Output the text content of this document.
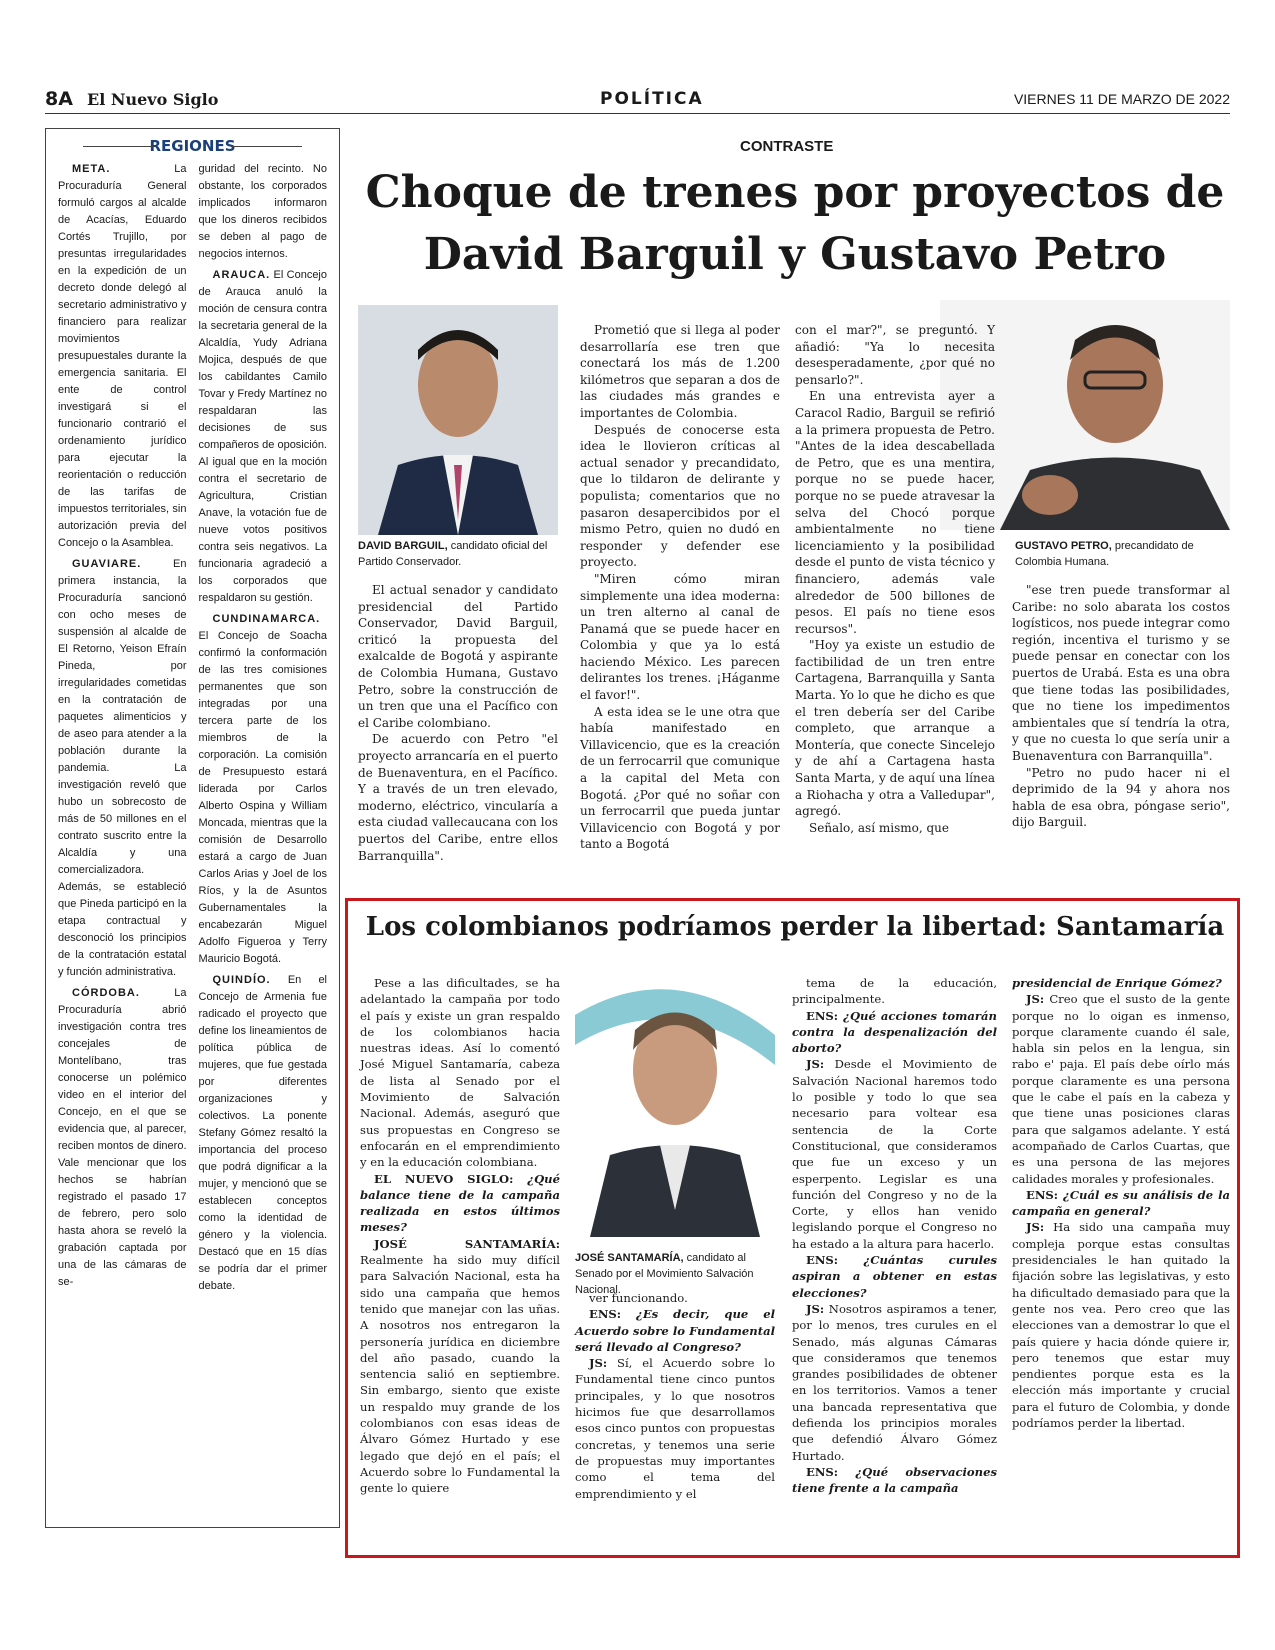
8A El Nuevo Siglo	POLÍTICA	VIERNES 11 DE MARZO DE 2022
REGIONES

META.	La Procuraduría General formuló cargos al alcalde de Acacías, Eduardo Cortés Trujillo, por presuntas irregularidades en la expedición de un decreto donde delegó al secretario administrativo y financiero para realizar movimientos presupuestales durante la emergencia sanitaria. El ente de control investigará si el funcionario contrarió el ordenamiento jurídico para ejecutar la reorientación o reducción de las tarifas de impuestos territoriales, sin autorización previa del Concejo o la Asamblea.

GUAVIARE.	En primera instancia, la Procuraduría sancionó con ocho meses de suspensión al alcalde de El Retorno, Yeison Efraín Pineda, por irregularidades cometidas en la contratación de paquetes alimenticios y de aseo para atender a la población durante la pandemia. La investigación reveló que hubo un sobrecosto de más de 50 millones en el contrato suscrito entre la Alcaldía y una comercializadora. Además, se estableció que Pineda participó en la etapa contractual y desconoció los principios de la contratación estatal y función administrativa.

CÓRDOBA.	La Procuraduría abrió investigación contra tres concejales de Montelíbano, tras conocerse un polémico video en el interior del Concejo, en el que se evidencia que, al parecer, reciben montos de dinero. Vale mencionar que los hechos se habrían registrado el pasado 17 de febrero, pero solo hasta ahora se reveló la grabación captada por una de las cámaras de se-

guridad del recinto. No obstante, los corporados implicados informaron que los dineros recibidos se deben al pago de negocios internos.

ARAUCA. El Concejo de Arauca anuló la moción de censura contra la secretaria general de la Alcaldía, Yudy Adriana Mojica, después de que los cabildantes Camilo Tovar y Fredy Martínez no respaldaran las decisiones de sus compañeros de oposición. Al igual que en la moción contra el secretario de Agricultura, Cristian Anave, la votación fue de nueve votos positivos contra seis negativos. La funcionaria agradeció a los corporados que respaldaron su gestión.

CUNDINAMARCA. El Concejo de Soacha confirmó la conformación de las tres comisiones permanentes que son integradas por una tercera parte de los miembros de la corporación. La comisión de Presupuesto estará liderada por Carlos Alberto Ospina y William Moncada, mientras que la comisión de Desarrollo estará a cargo de Juan Carlos Arias y Joel de los Ríos, y la de Asuntos Gubernamentales la encabezarán Miguel Adolfo Figueroa y Terry Mauricio Bogotá.

QUINDÍO. En el Concejo de Armenia fue radicado el proyecto que define los lineamientos de política pública de mujeres, que fue gestada por diferentes organizaciones y colectivos. La ponente Stefany Gómez resaltó la importancia del proceso que podrá dignificar a la mujer, y mencionó que se establecen conceptos como la identidad de género y la violencia. Destacó que en 15 días se podría dar el primer debate.

CONTRASTE
Choque de trenes por proyectos de David Barguil y Gustavo Petro
DAVID BARGUIL, candidato oficial del Partido Conservador.
GUSTAVO PETRO, precandidato de Colombia Humana.

El actual senador y candidato presidencial del Partido Conservador, David Barguil, criticó la propuesta del exalcalde de Bogotá y aspirante de Colombia Humana, Gustavo Petro, sobre la construcción de un tren que una el Pacífico con el Caribe colombiano.

De acuerdo con Petro "el proyecto arrancaría en el puerto de Buenaventura, en el Pacífico. Y a través de un tren elevado, moderno, eléctrico, vincularía a esta ciudad vallecaucana con los puertos del Caribe, entre ellos Barranquilla".

Prometió que si llega al poder desarrollaría ese tren que conectará los más de 1.200 kilómetros que separan a dos de las ciudades más grandes e importantes de Colombia.

Después de conocerse esta idea le llovieron críticas al actual senador y precandidato, que lo tildaron de delirante y populista; comentarios que no pasaron desapercibidos por el mismo Petro, quien no dudó en responder y defender ese proyecto.

"Miren cómo miran simplemente una idea moderna: un tren alterno al canal de Panamá que se puede hacer en Colombia y que ya lo está haciendo México. Les parecen delirantes los trenes. ¡Háganme el favor!".

A esta idea se le une otra que había manifestado en Villavicencio, que es la creación de un ferrocarril que comunique a la capital del Meta con Bogotá. ¿Por qué no soñar con un ferrocarril que pueda juntar Villavicencio con Bogotá y por tanto a Bogotá

con el mar?", se preguntó. Y añadió: "Ya lo necesita desesperadamente, ¿por qué no pensarlo?".

En una entrevista ayer a Caracol Radio, Barguil se refirió a la primera propuesta de Petro. "Antes de la idea descabellada de Petro, que es una mentira, porque no se puede hacer, porque no se puede atravesar la selva del Chocó porque ambientalmente no tiene licenciamiento y la posibilidad desde el punto de vista técnico y financiero, además vale alrededor de 500 billones de pesos. El país no tiene esos recursos".

"Hoy ya existe un estudio de factibilidad de un tren entre Cartagena, Barranquilla y Santa Marta. Yo lo que he dicho es que el tren debería ser del Caribe completo, que arranque a Montería, que conecte Sincelejo y de ahí a Cartagena hasta Santa Marta, y de aquí una línea a Riohacha y otra a Valledupar", agregó.

Señalo, así mismo, que

"ese tren puede transformar al Caribe: no solo abarata los costos logísticos, nos puede integrar como región, incentiva el turismo y se puede pensar en conectar con los puertos de Urabá. Esta es una obra que tiene todas las posibilidades, que no tiene los impedimentos ambientales que sí tendría la otra, y que no cuesta lo que sería unir a Buenaventura con Barranquilla".

"Petro no pudo hacer ni el deprimido de la 94 y ahora nos habla de esa obra, póngase serio", dijo Barguil.

Los colombianos podríamos perder la libertad: Santamaría
JOSÉ SANTAMARÍA, candidato al Senado por el Movimiento Salvación Nacional.

Pese a las dificultades, se ha adelantado la campaña por todo el país y existe un gran respaldo de los colombianos hacia nuestras ideas. Así lo comentó José Miguel Santamaría, cabeza de lista al Senado por el Movimiento de Salvación Nacional. Además, aseguró que sus propuestas en Congreso se enfocarán en el emprendimiento y en la educación colombiana.

EL NUEVO SIGLO: ¿Qué balance tiene de la campaña realizada en estos últimos meses?

JOSÉ SANTAMARÍA: Realmente ha sido muy difícil para Salvación Nacional, esta ha sido una campaña que hemos tenido que manejar con las uñas. A nosotros nos entregaron la personería jurídica en diciembre del año pasado, cuando la sentencia salió en septiembre. Sin embargo, siento que existe un respaldo muy grande de los colombianos con esas ideas de Álvaro Gómez Hurtado y ese legado que dejó en el país; el Acuerdo sobre lo Fundamental la gente lo quiere

ver funcionando.

ENS: ¿Es decir, que el Acuerdo sobre lo Fundamental será llevado al Congreso?

JS: Sí, el Acuerdo sobre lo Fundamental tiene cinco puntos principales, y lo que nosotros hicimos fue que desarrollamos esos cinco puntos con propuestas concretas, y tenemos una serie de propuestas muy importantes como el tema del emprendimiento y el

tema de la educación, principalmente.

ENS: ¿Qué acciones tomarán contra la despenalización del aborto?

JS: Desde el Movimiento de Salvación Nacional haremos todo lo posible y todo lo que sea necesario para voltear esa sentencia de la Corte Constitucional, que consideramos que fue un exceso y un esperpento. Legislar es una función del Congreso y no de la Corte, y ellos han venido legislando porque el Congreso no ha estado a la altura para hacerlo.

ENS: ¿Cuántas curules aspiran a obtener en estas elecciones?

JS: Nosotros aspiramos a tener, por lo menos, tres curules en el Senado, más algunas Cámaras que consideramos que tenemos grandes posibilidades de obtener en los territorios. Vamos a tener una bancada representativa que defienda los principios morales que defendió Álvaro Gómez Hurtado.

ENS: ¿Qué observaciones tiene frente a la campaña

presidencial de Enrique Gómez?

JS: Creo que el susto de la gente porque no lo oigan es inmenso, porque claramente cuando él sale, habla sin pelos en la lengua, sin rabo e' paja. El país debe oírlo más porque claramente es una persona que le cabe el país en la cabeza y que tiene unas posiciones claras para que salgamos adelante. Y está acompañado de Carlos Cuartas, que es una persona de las mejores calidades morales y profesionales.

ENS: ¿Cuál es su análisis de la campaña en general?

JS: Ha sido una campaña muy compleja porque estas consultas presidenciales le han quitado la fijación sobre las legislativas, y esto ha dificultado demasiado para que la gente nos vea. Pero creo que las elecciones van a demostrar lo que el país quiere y hacia dónde quiere ir, pero tenemos que estar muy pendientes porque esta es la elección más importante y crucial para el futuro de Colombia, y donde podríamos perder la libertad.
